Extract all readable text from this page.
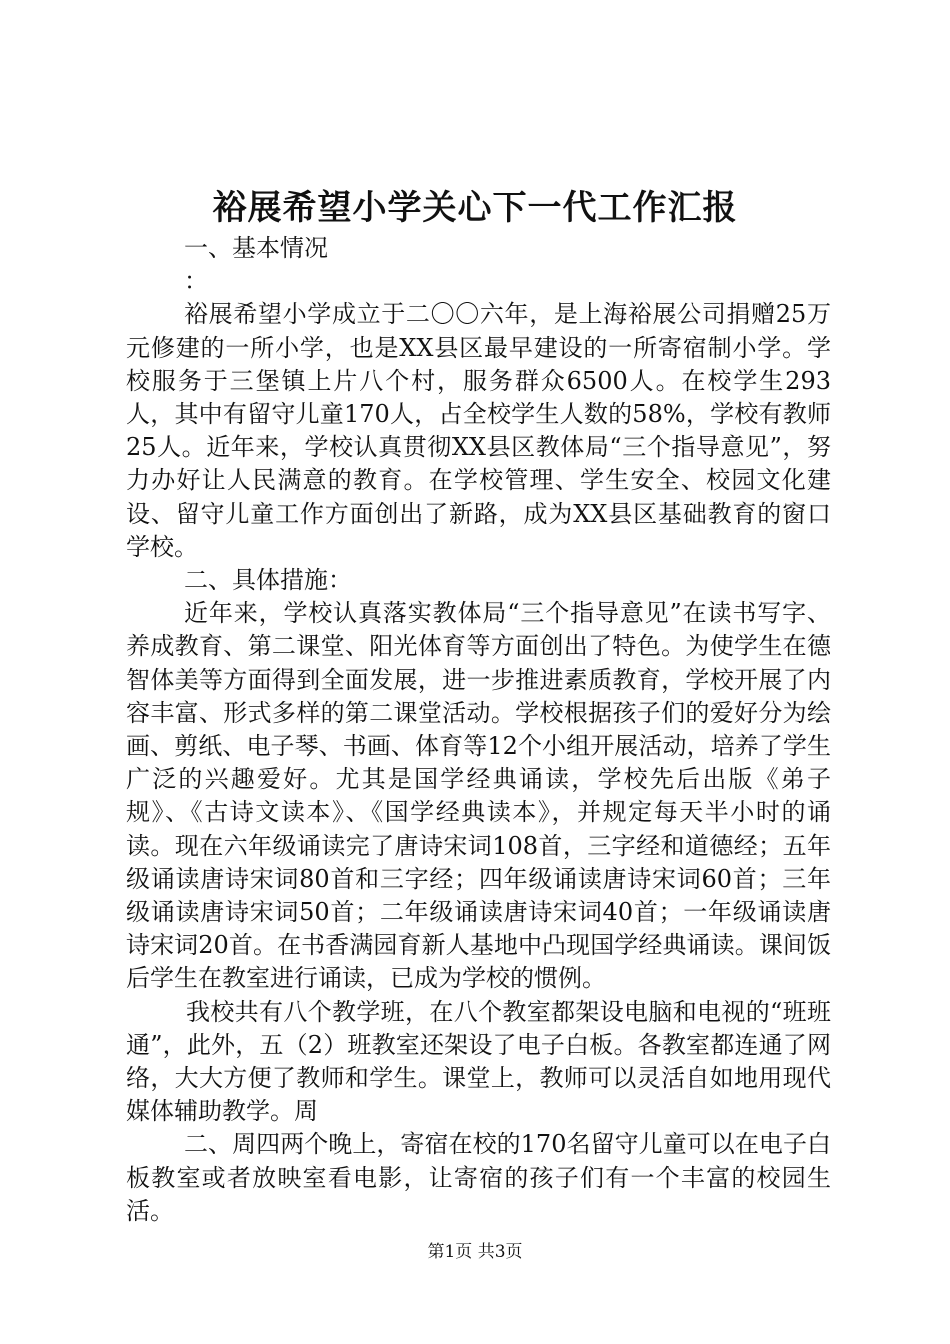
裕展希望小学关心下一代工作汇报

一、基本情况

：

裕展希望小学成立于二〇〇六年，是上海裕展公司捐赠25万元修建的一所小学，也是XX县区最早建设的一所寄宿制小学。学校服务于三堡镇上片八个村，服务群众6500人。在校学生293人，其中有留守儿童170人，占全校学生人数的58%，学校有教师25人。近年来，学校认真贯彻XX县区教体局“三个指导意见”，努力办好让人民满意的教育。在学校管理、学生安全、校园文化建设、留守儿童工作方面创出了新路，成为XX县区基础教育的窗口学校。

二、具体措施：

近年来，学校认真落实教体局“三个指导意见”在读书写字、养成教育、第二课堂、阳光体育等方面创出了特色。为使学生在德智体美等方面得到全面发展，进一步推进素质教育，学校开展了内容丰富、形式多样的第二课堂活动。学校根据孩子们的爱好分为绘画、剪纸、电子琴、书画、体育等12个小组开展活动，培养了学生广泛的兴趣爱好。尤其是国学经典诵读，学校先后出版《弟子规》、《古诗文读本》、《国学经典读本》，并规定每天半小时的诵读。现在六年级诵读完了唐诗宋词108首，三字经和道德经；五年级诵读唐诗宋词80首和三字经；四年级诵读唐诗宋词60首；三年级诵读唐诗宋词50首；二年级诵读唐诗宋词40首；一年级诵读唐诗宋词20首。在书香满园育新人基地中凸现国学经典诵读。课间饭后学生在教室进行诵读，已成为学校的惯例。

我校共有八个教学班，在八个教室都架设电脑和电视的“班班通”，此外，五（2）班教室还架设了电子白板。各教室都连通了网络，大大方便了教师和学生。课堂上，教师可以灵活自如地用现代媒体辅助教学。周

二、周四两个晚上，寄宿在校的170名留守儿童可以在电子白板教室或者放映室看电影，让寄宿的孩子们有一个丰富的校园生活。

第1页 共3页
